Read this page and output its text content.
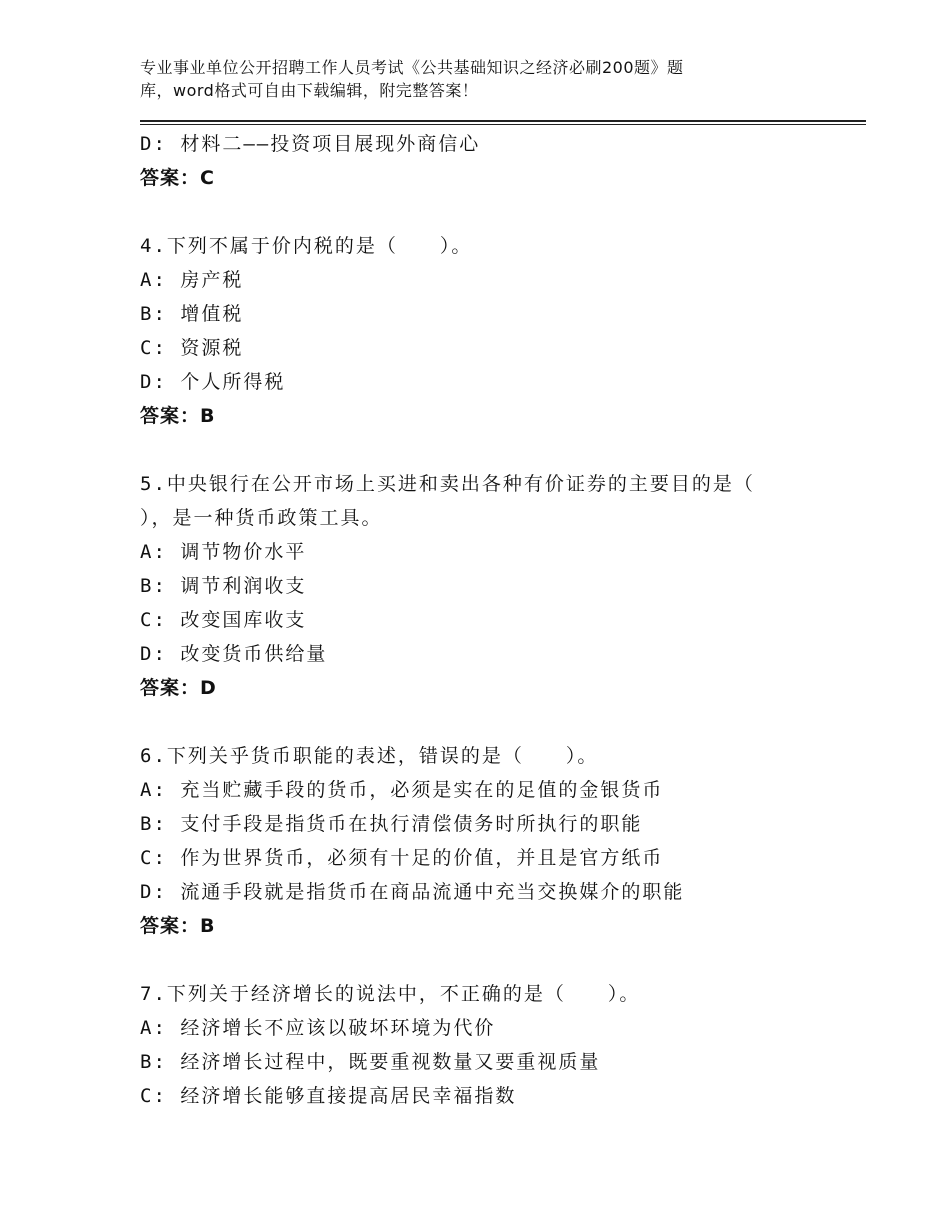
专业事业单位公开招聘工作人员考试《公共基础知识之经济必刷200题》题
库，word格式可自由下载编辑，附完整答案！
D: 材料二——投资项目展现外商信心
答案：C
4.下列不属于价内税的是（　　）。
A: 房产税
B: 增值税
C: 资源税
D: 个人所得税
答案：B
5.中央银行在公开市场上买进和卖出各种有价证券的主要目的是（
），是一种货币政策工具。
A: 调节物价水平
B: 调节利润收支
C: 改变国库收支
D: 改变货币供给量
答案：D
6.下列关乎货币职能的表述，错误的是（　　）。
A: 充当贮藏手段的货币，必须是实在的足值的金银货币
B: 支付手段是指货币在执行清偿债务时所执行的职能
C: 作为世界货币，必须有十足的价值，并且是官方纸币
D: 流通手段就是指货币在商品流通中充当交换媒介的职能
答案：B
7.下列关于经济增长的说法中，不正确的是（　　）。
A: 经济增长不应该以破坏环境为代价
B: 经济增长过程中，既要重视数量又要重视质量
C: 经济增长能够直接提高居民幸福指数
